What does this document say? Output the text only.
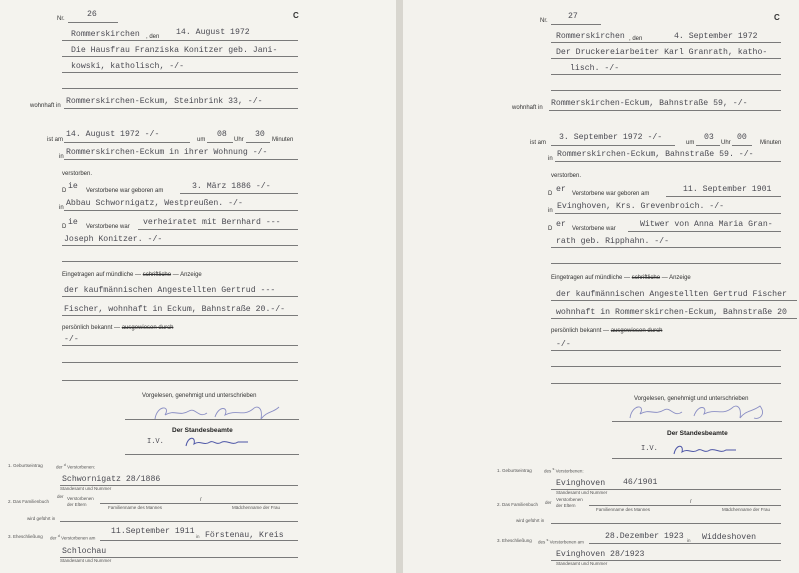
Nr.	26	C
Rommerskirchen , den 14. August 1972
Die Hausfrau Franziska Konitzer geb. Jani-
kowski, katholisch, -/-
wohnhaft in Rommerskirchen-Eckum, Steinbrink 33, -/-
ist am
14. August 1972 -/-
um
08
Uhr
30
Minuten
in Rommerskirchen-Eckum in ihrer Wohnung -/-
verstorben.
D ie Verstorbene war geboren am	3. März 1886 -/-
in Abbau Schwornigatz, Westpreußen. -/-
D ie Verstorbene war verheiratet mit Bernhard ---
Joseph Konitzer. -/-
Eingetragen auf mündliche — schriftliche — Anzeige
der kaufmännischen Angestellten Gertrud ---
Fischer, wohnhaft in Eckum, Bahnstraße 20.-/-
persönlich bekannt — ausgewiesen durch
-/-
Vorgelesen, genehmigt und unterschrieben
Der Standesbeamte
I.V.
1. Geburtseintrag	der $^d$ Verstorbenen:
Schwornigatz 28/1886
Standesamt und Nummer
2. Das Familienbuch
der Verstorbenen
der Eltern
/
Familienname des Mannes	Mädchenname der Frau
wird geführt in
3. Eheschließung der $^d$ Verstorbenen am
11.September 1911
in Förstenau, Kreis
Schlochau
Standesamt und Nummer
Nr. 27	C
Rommerskirchen , den	4. September 1972
Der Druckereiarbeiter Karl Granrath, katho-
lisch. -/-
wohnhaft in Rommerskirchen-Eckum, Bahnstraße 59, -/-
ist am
3. September 1972 -/-
um
03
Uhr
00
Minuten
in Rommerskirchen-Eckum, Bahnstraße 59. -/-
verstorben.
D er Verstorbene war geboren am	11. September 1901
in Evinghoven, Krs. Grevenbroich. -/-
D er Verstorbene war	Witwer von Anna Maria Gran-
rath geb. Ripphahn. -/-
Eingetragen auf mündliche — schriftliche — Anzeige
der kaufmännischen Angestellten Gertrud Fischer
wohnhaft in Rommerskirchen-Eckum, Bahnstraße 20
persönlich bekannt — ausgewiesen durch
-/-
Vorgelesen, genehmigt und unterschrieben
Der Standesbeamte
I.V.
1. Geburtseintrag	des $^s$ Verstorbenen:
Evinghoven 46/1901
Standesamt und Nummer
2. Das Familienbuch der
Verstorbenen
der Eltern
/
Familienname des Mannes	Mädchenname der Frau
wird geführt in
3. Eheschließung des $^s$ Verstorbenen am
28.Dezember 1923 in Widdeshoven
Evinghoven 28/1923
Standesamt und Nummer
